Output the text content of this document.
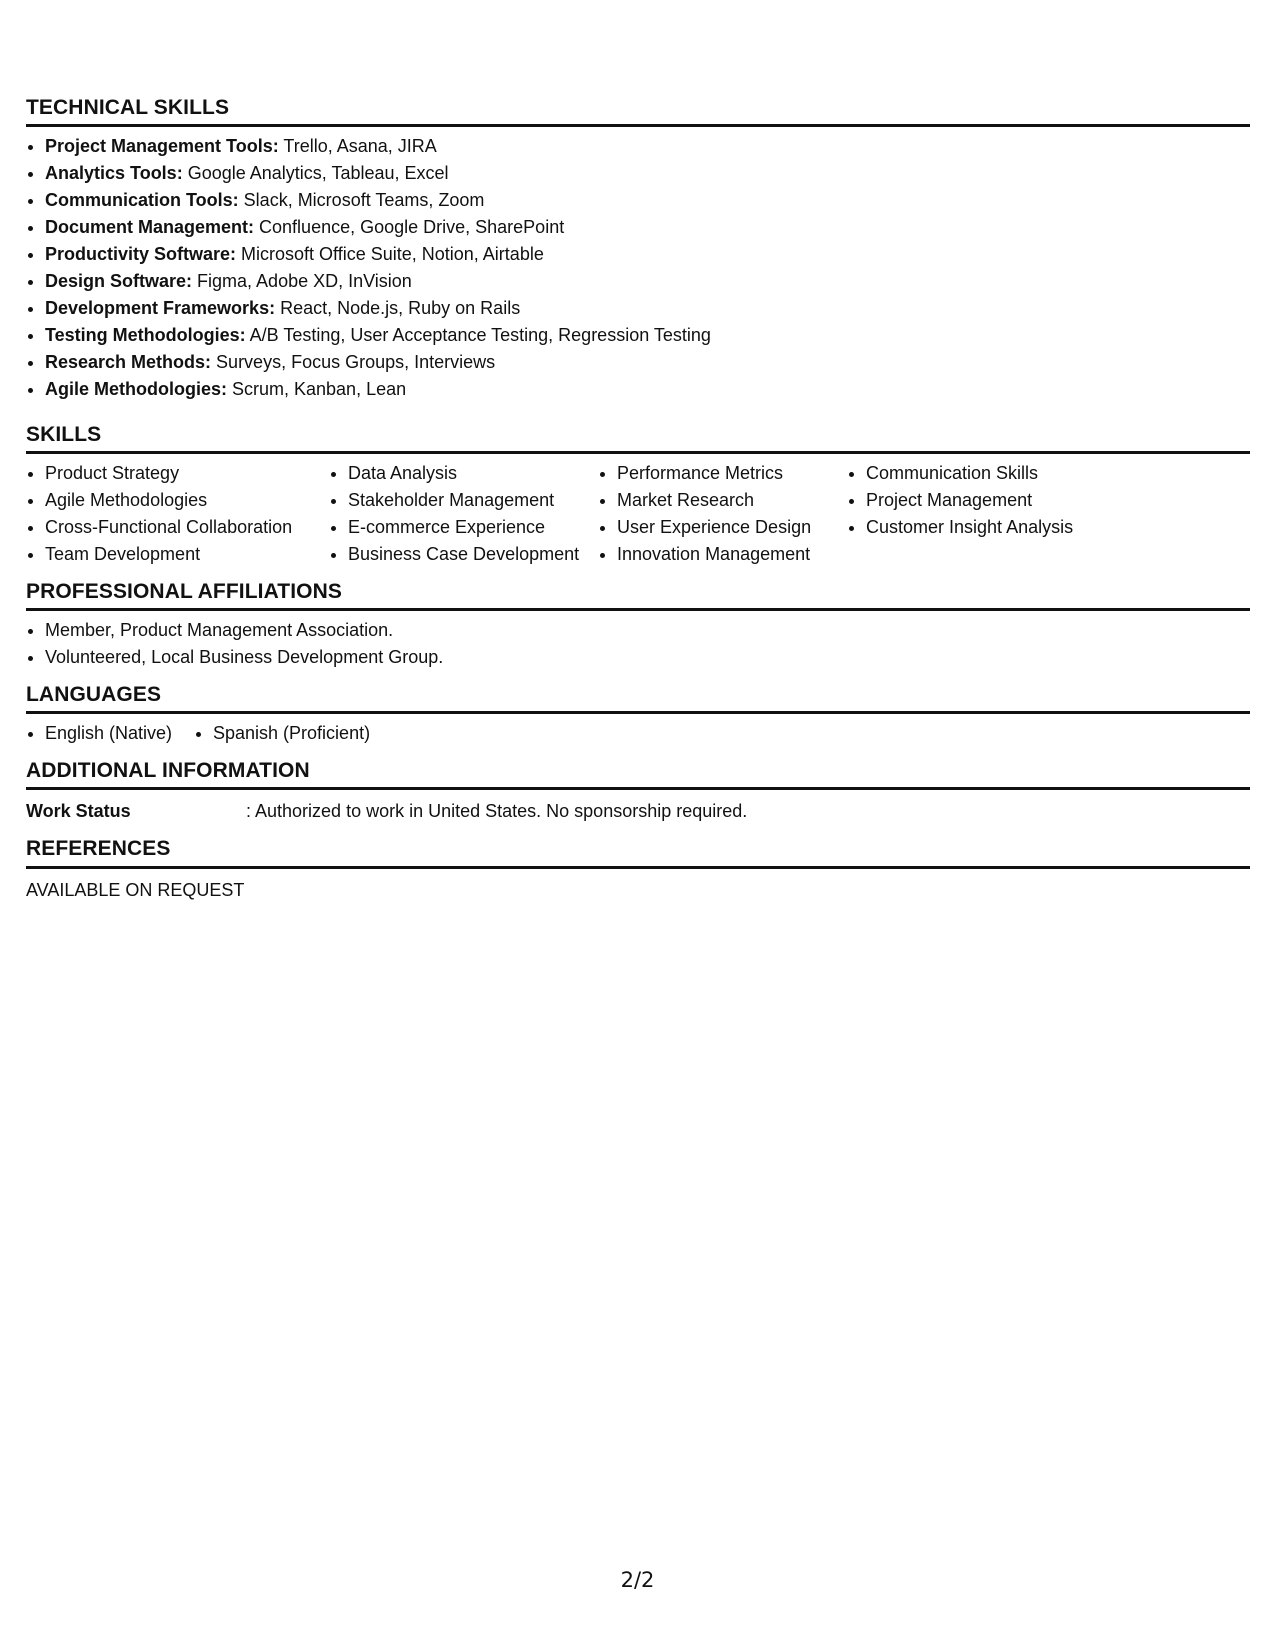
TECHNICAL SKILLS
• Project Management Tools: Trello, Asana, JIRA
• Analytics Tools: Google Analytics, Tableau, Excel
• Communication Tools: Slack, Microsoft Teams, Zoom
• Document Management: Confluence, Google Drive, SharePoint
• Productivity Software: Microsoft Office Suite, Notion, Airtable
• Design Software: Figma, Adobe XD, InVision
• Development Frameworks: React, Node.js, Ruby on Rails
• Testing Methodologies: A/B Testing, User Acceptance Testing, Regression Testing
• Research Methods: Surveys, Focus Groups, Interviews
• Agile Methodologies: Scrum, Kanban, Lean
SKILLS
• Product Strategy
• Agile Methodologies
• Cross-Functional Collaboration
• Team Development
• Data Analysis
• Stakeholder Management
• E-commerce Experience
• Business Case Development
• Performance Metrics
• Market Research
• User Experience Design
• Innovation Management
• Communication Skills
• Project Management
• Customer Insight Analysis
PROFESSIONAL AFFILIATIONS
• Member, Product Management Association.
• Volunteered, Local Business Development Group.
LANGUAGES
• English (Native)
•	Spanish (Proficient)
ADDITIONAL INFORMATION
Work Status	: Authorized to work in United States. No sponsorship required.
REFERENCES
AVAILABLE ON REQUEST
2/2
